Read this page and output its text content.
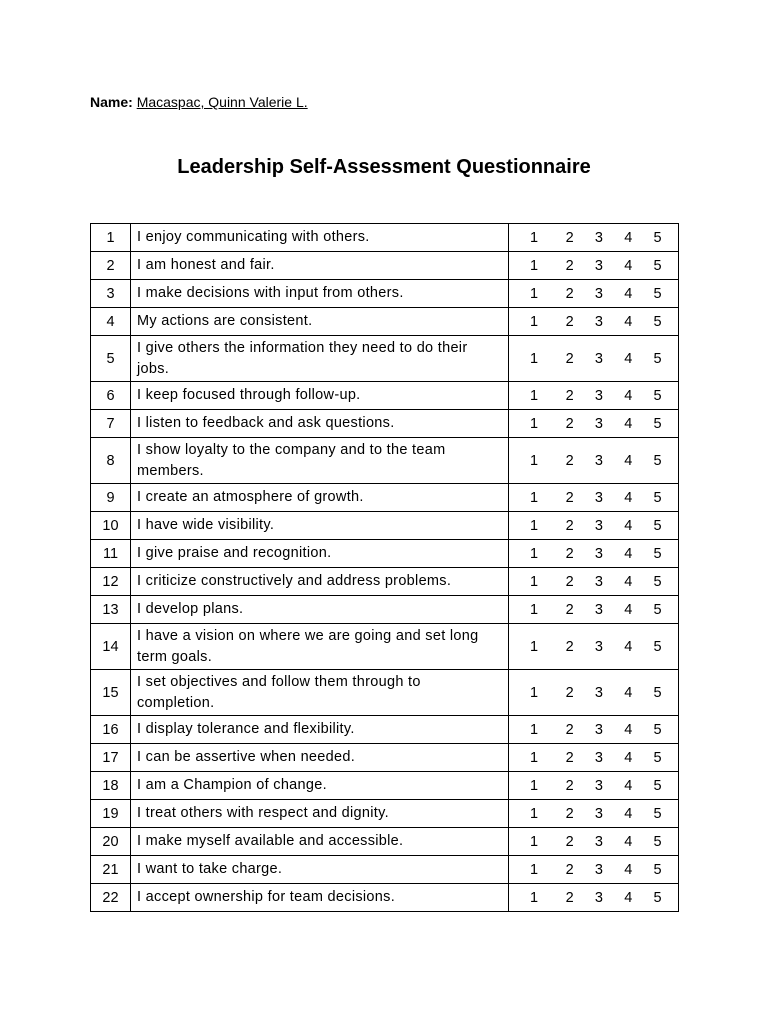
Name: Macaspac, Quinn Valerie L.
Leadership Self-Assessment Questionnaire
1	I enjoy communicating with others.	1 2 3 4 5

2	I am honest and fair.	1 2 3 4 5

3	I make decisions with input from others.	1 2 3 4 5

4	My actions are consistent.	1 2 3 4 5

5	I give others the information they need to do their jobs.	1 2 3 4 5

6	I keep focused through follow-up.	1 2 3 4 5

7	I listen to feedback and ask questions.	1 2 3 4 5

8	I show loyalty to the company and to the team members.	1 2 3 4 5

9	I create an atmosphere of growth.	1 2 3 4 5

10	I have wide visibility.	1 2 3 4 5

11	I give praise and recognition.	1 2 3 4 5

12	I criticize constructively and address problems.	1 2 3 4 5

13	I develop plans.	1 2 3 4 5

14	I have a vision on where we are going and set long term goals.	1 2 3 4 5

15	I set objectives and follow them through to completion.	1 2 3 4 5

16	I display tolerance and flexibility.	1 2 3 4 5

17	I can be assertive when needed.	1 2 3 4 5

18	I am a Champion of change.	1 2 3 4 5

19	I treat others with respect and dignity.	1 2 3 4 5

20	I make myself available and accessible.	1 2 3 4 5

21	I want to take charge.	1 2 3 4 5

22	I accept ownership for team decisions.	1 2 3 4 5
